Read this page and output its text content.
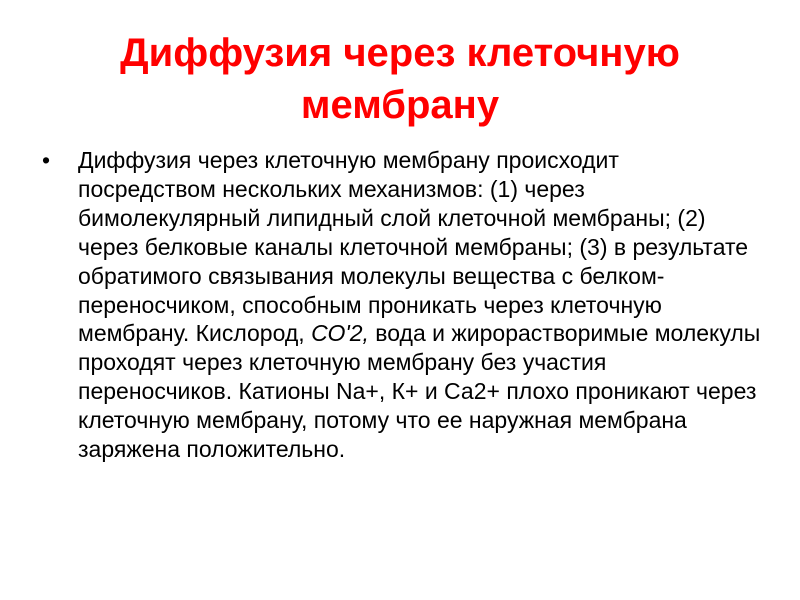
Диффузия через клеточную мембрану
• Диффузия через клеточную мембрану происходит посредством нескольких механизмов: (1) через бимолекулярный липидный слой клеточной мембраны; (2) через белковые каналы клеточной мембраны; (3) в результате обратимого связывания молекулы вещества с белком-переносчиком, способным проникать через клеточную мембрану. Кислород, СО'2, вода и жирорастворимые молекулы проходят через клеточную мембрану без участия переносчиков. Катионы Na+, К+ и Са2+ плохо проникают через клеточную мембрану, потому что ее наружная мембрана заряжена положительно.
